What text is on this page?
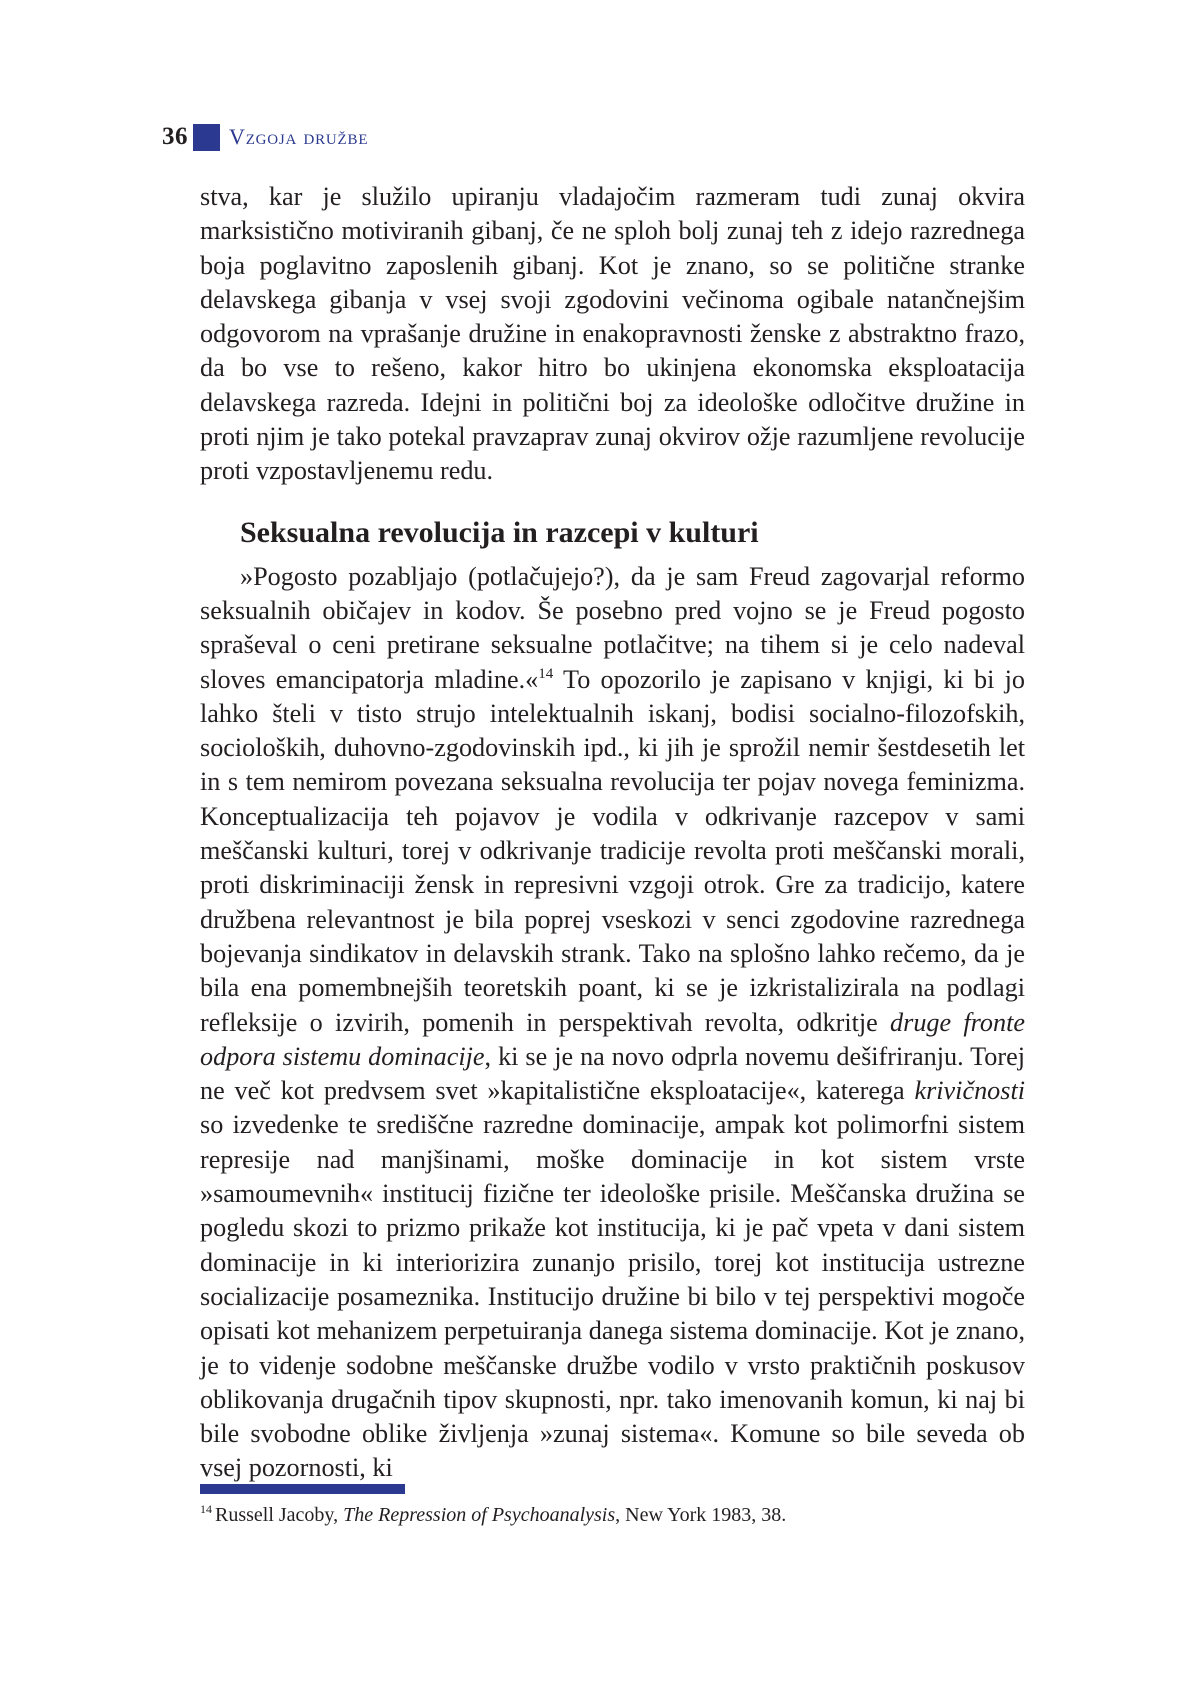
36 Vzgoja družbe

stva, kar je služilo upiranju vladajočim razmeram tudi zunaj okvira marksistično motiviranih gibanj, če ne sploh bolj zunaj teh z idejo razrednega boja poglavitno zaposlenih gibanj. Kot je znano, so se politične stranke delavskega gibanja v vsej svoji zgodovini večinoma ogibale natančnejšim odgovorom na vprašanje družine in enakopravnosti ženske z abstraktno frazo, da bo vse to rešeno, kakor hitro bo ukinjena ekonomska eksploatacija delavskega razreda. Idejni in politični boj za ideološke odločitve družine in proti njim je tako potekal pravzaprav zunaj okvirov ožje razumljene revolucije proti vzpostavljenemu redu.

Seksualna revolucija in razcepi v kulturi

»Pogosto pozabljajo (potlačujejo?), da je sam Freud zagovarjal reformo seksualnih običajev in kodov. Še posebno pred vojno se je Freud pogosto spraševal o ceni pretirane seksualne potlačitve; na tihem si je celo nadeval sloves emancipatorja mladine.«$^{14}$ To opozorilo je zapisano v knjigi, ki bi jo lahko šteli v tisto strujo intelektualnih iskanj, bodisi socialno-filozofskih, socioloških, duhovno-zgodovinskih ipd., ki jih je sprožil nemir šestdesetih let in s tem nemirom povezana seksualna revolucija ter pojav novega feminizma. Konceptualizacija teh pojavov je vodila v odkrivanje razcepov v sami meščanski kulturi, torej v odkrivanje tradicije revolta proti meščanski morali, proti diskriminaciji žensk in represivni vzgoji otrok. Gre za tradicijo, katere družbena relevantnost je bila poprej vseskozi v senci zgodovine razrednega bojevanja sindikatov in delavskih strank. Tako na splošno lahko rečemo, da je bila ena pomembnejših teoretskih poant, ki se je izkristalizirala na podlagi refleksije o izvirih, pomenih in perspektivah revolta, odkritje druge fronte odpora sistemu dominacije, ki se je na novo odprla novemu dešifriranju. Torej ne več kot predvsem svet »kapitalistične eksploatacije«, katerega krivičnosti so izvedenke te središčne razredne dominacije, ampak kot polimorfni sistem represije nad manjšinami, moške dominacije in kot sistem vrste »samoumevnih« institucij fizične ter ideološke prisile. Meščanska družina se pogledu skozi to prizmo prikaže kot institucija, ki je pač vpeta v dani sistem dominacije in ki interiorizira zunanjo prisilo, torej kot institucija ustrezne socializacije posameznika. Institucijo družine bi bilo v tej perspektivi mogoče opisati kot mehanizem perpetuiranja danega sistema dominacije. Kot je znano, je to videnje sodobne meščanske družbe vodilo v vrsto praktičnih poskusov oblikovanja drugačnih tipov skupnosti, npr. tako imenovanih komun, ki naj bi bile svobodne oblike življenja »zunaj sistema«. Komune so bile seveda ob vsej pozornosti, ki

$^{14}$ Russell Jacoby, The Repression of Psychoanalysis, New York 1983, 38.
